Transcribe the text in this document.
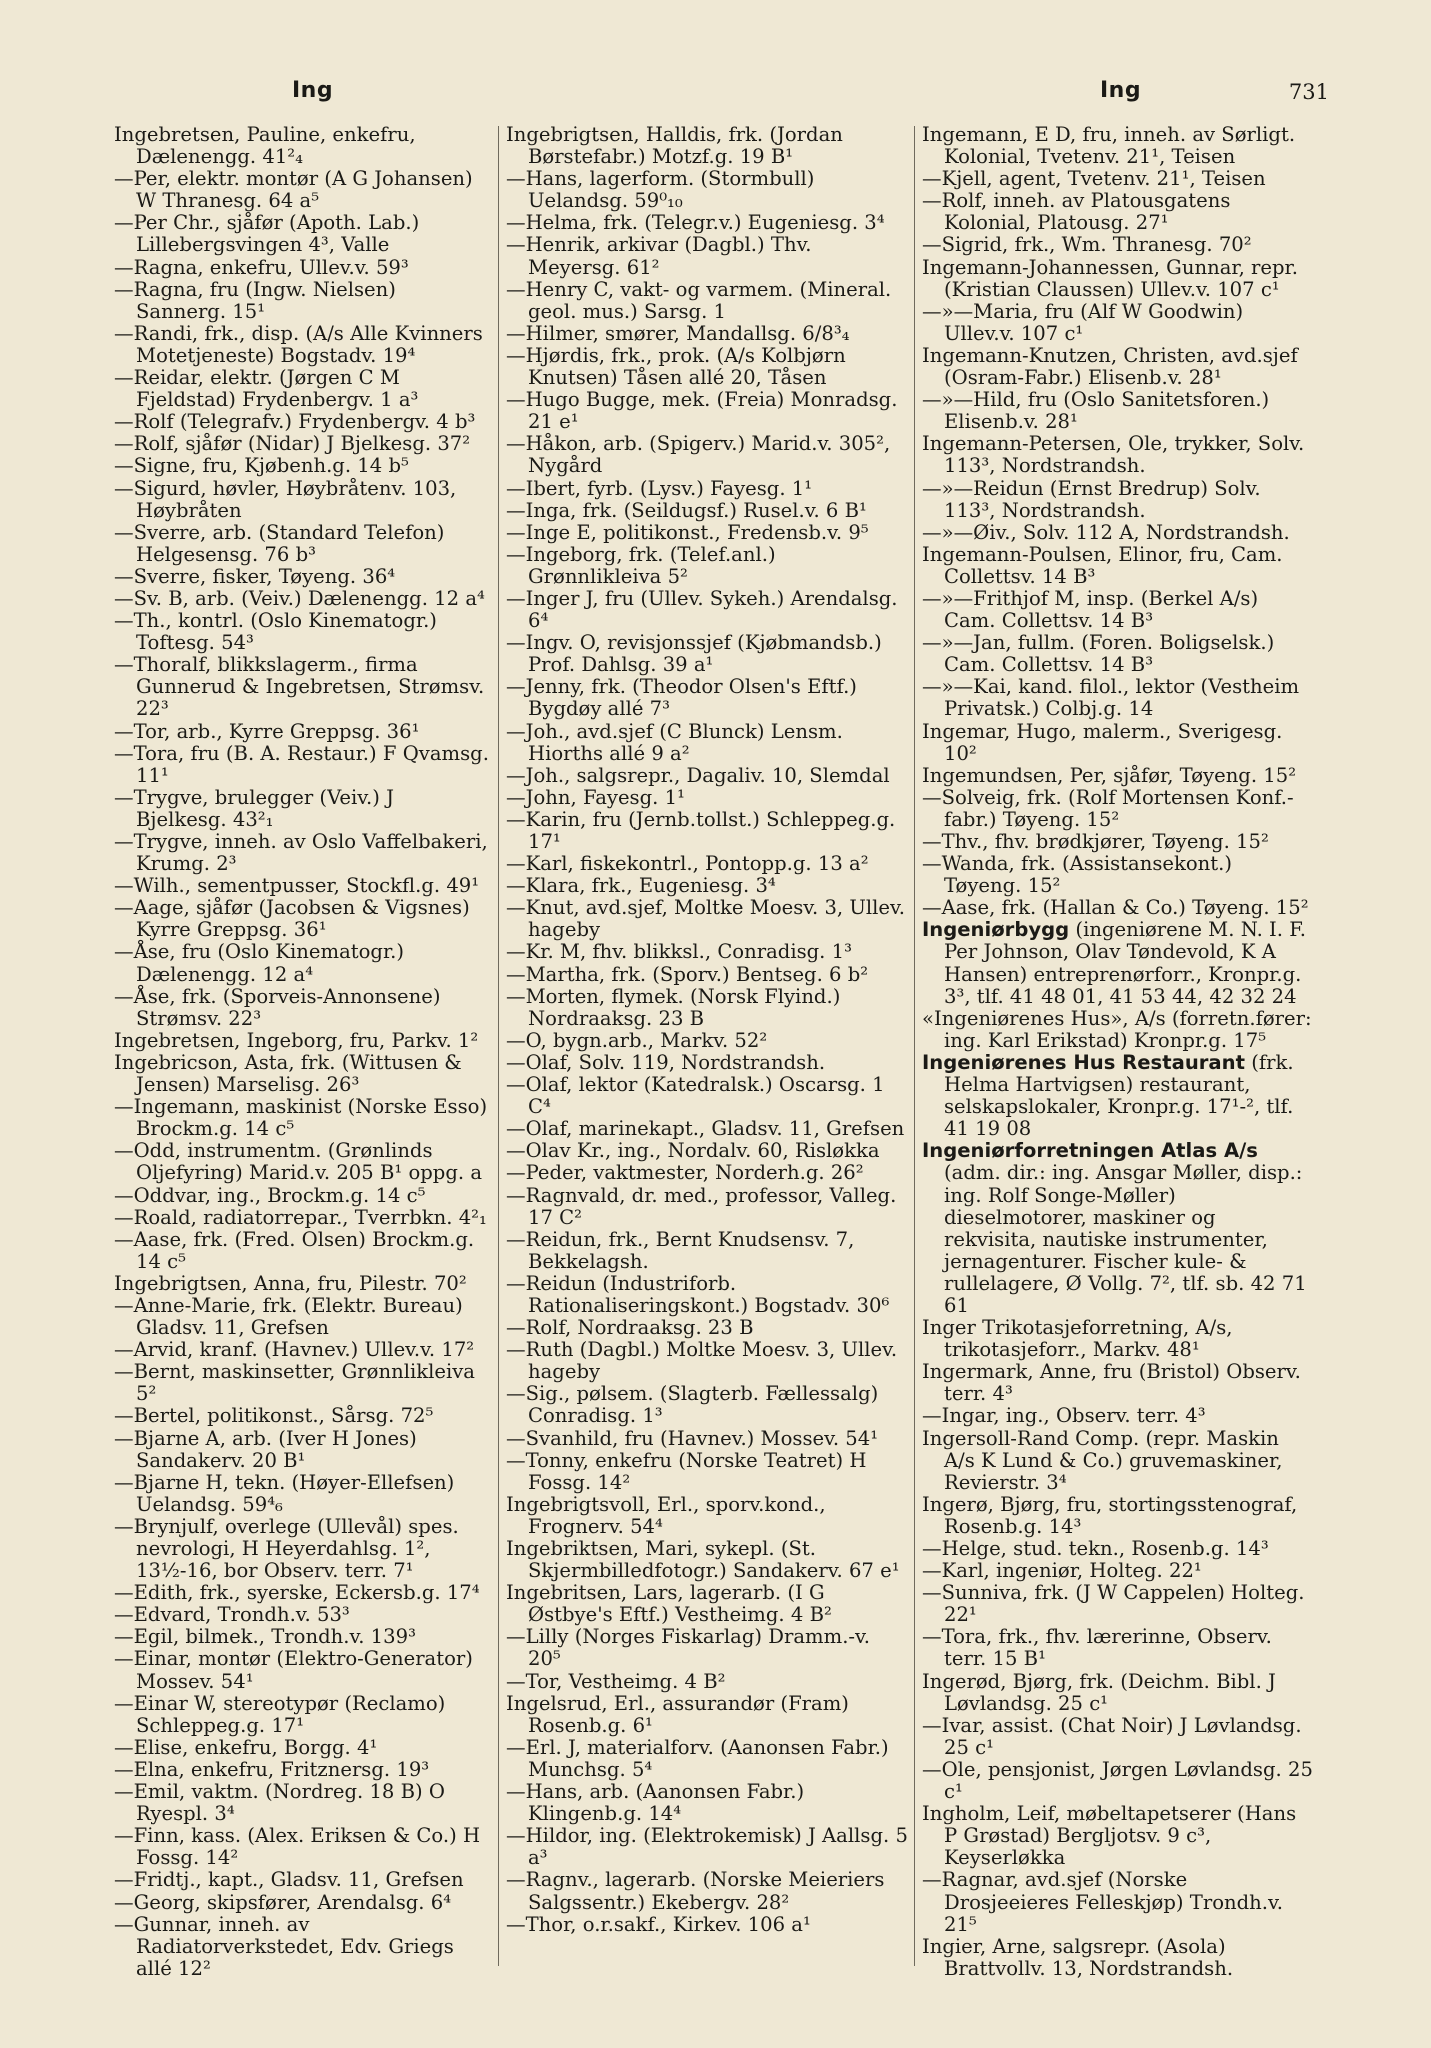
Ing	Ing	731
Ingebretsen, Pauline, enkefru, Dælenengg. 41²₄
—Per, elektr. montør (A G Johansen) W Thranesg. 64 a⁵
—Per Chr., sjåfør (Apoth. Lab.) Lillebergsvingen 4³, Valle
—Ragna, enkefru, Ullev.v. 59³
—Ragna, fru (Ingw. Nielsen) Sannerg. 15¹
—Randi, frk., disp. (A/s Alle Kvinners Motetjeneste) Bogstadv. 19⁴
—Reidar, elektr. (Jørgen C M Fjeldstad) Frydenbergv. 1 a³
—Rolf (Telegrafv.) Frydenbergv. 4 b³
—Rolf, sjåfør (Nidar) J Bjelkesg. 37²
—Signe, fru, Kjøbenh.g. 14 b⁵
—Sigurd, høvler, Høybråtenv. 103, Høybråten
—Sverre, arb. (Standard Telefon) Helgesensg. 76 b³
—Sverre, fisker, Tøyeng. 36⁴
—Sv. B, arb. (Veiv.) Dælenengg. 12 a⁴
—Th., kontrl. (Oslo Kinematogr.) Toftesg. 54³
—Thoralf, blikkslagerm., firma Gunnerud & Ingebretsen, Strømsv. 22³
—Tor, arb., Kyrre Greppsg. 36¹
—Tora, fru (B. A. Restaur.) F Qvamsg. 11¹
—Trygve, brulegger (Veiv.) J Bjelkesg. 43²₁
—Trygve, inneh. av Oslo Vaffelbakeri, Krumg. 2³
—Wilh., sementpusser, Stockfl.g. 49¹
—Aage, sjåfør (Jacobsen & Vigsnes) Kyrre Greppsg. 36¹
—Åse, fru (Oslo Kinematogr.) Dælenengg. 12 a⁴
—Åse, frk. (Sporveis-Annonsene) Strømsv. 22³
Ingebretsen, Ingeborg, fru, Parkv. 1²
Ingebricson, Asta, frk. (Wittusen & Jensen) Marselisg. 26³
—Ingemann, maskinist (Norske Esso) Brockm.g. 14 c⁵
—Odd, instrumentm. (Grønlinds Oljefyring) Marid.v. 205 B¹ oppg. a
—Oddvar, ing., Brockm.g. 14 c⁵
—Roald, radiatorrepar., Tverrbkn. 4²₁
—Aase, frk. (Fred. Olsen) Brockm.g. 14 c⁵
Ingebrigtsen, Anna, fru, Pilestr. 70²
—Anne-Marie, frk. (Elektr. Bureau) Gladsv. 11, Grefsen
—Arvid, kranf. (Havnev.) Ullev.v. 17²
—Bernt, maskinsetter, Grønnlikleiva 5²
—Bertel, politikonst., Sårsg. 72⁵
—Bjarne A, arb. (Iver H Jones) Sandakerv. 20 B¹
—Bjarne H, tekn. (Høyer-Ellefsen) Uelandsg. 59⁴₆
—Brynjulf, overlege (Ullevål) spes. nevrologi, H Heyerdahlsg. 1², 13½-16, bor Observ. terr. 7¹
—Edith, frk., syerske, Eckersb.g. 17⁴
—Edvard, Trondh.v. 53³
—Egil, bilmek., Trondh.v. 139³
—Einar, montør (Elektro-Generator) Mossev. 54¹
—Einar W, stereotypør (Reclamo) Schleppeg.g. 17¹
—Elise, enkefru, Borgg. 4¹
—Elna, enkefru, Fritznersg. 19³
—Emil, vaktm. (Nordreg. 18 B) O Ryespl. 3⁴
—Finn, kass. (Alex. Eriksen & Co.) H Fossg. 14²
—Fridtj., kapt., Gladsv. 11, Grefsen
—Georg, skipsfører, Arendalsg. 6⁴
—Gunnar, inneh. av Radiatorverkstedet, Edv. Griegs allé 12²
Ingebrigtsen, Halldis, frk. (Jordan Børstefabr.) Motzf.g. 19 B¹
—Hans, lagerform. (Stormbull) Uelandsg. 59⁰₁₀
—Helma, frk. (Telegr.v.) Eugeniesg. 3⁴
—Henrik, arkivar (Dagbl.) Thv. Meyersg. 61²
—Henry C, vakt- og varmem. (Mineral. geol. mus.) Sarsg. 1
—Hilmer, smører, Mandallsg. 6/8³₄
—Hjørdis, frk., prok. (A/s Kolbjørn Knutsen) Tåsen allé 20, Tåsen
—Hugo Bugge, mek. (Freia) Monradsg. 21 e¹
—Håkon, arb. (Spigerv.) Marid.v. 305², Nygård
—Ibert, fyrb. (Lysv.) Fayesg. 1¹
—Inga, frk. (Seildugsf.) Rusel.v. 6 B¹
—Inge E, politikonst., Fredensb.v. 9⁵
—Ingeborg, frk. (Telef.anl.) Grønnlikleiva 5²
—Inger J, fru (Ullev. Sykeh.) Arendalsg. 6⁴
—Ingv. O, revisjonssjef (Kjøbmandsb.) Prof. Dahlsg. 39 a¹
—Jenny, frk. (Theodor Olsen's Eftf.) Bygdøy allé 7³
—Joh., avd.sjef (C Blunck) Lensm. Hiorths allé 9 a²
—Joh., salgsrepr., Dagaliv. 10, Slemdal
—John, Fayesg. 1¹
—Karin, fru (Jernb.tollst.) Schleppeg.g. 17¹
—Karl, fiskekontrl., Pontopp.g. 13 a²
—Klara, frk., Eugeniesg. 3⁴
—Knut, avd.sjef, Moltke Moesv. 3, Ullev. hageby
—Kr. M, fhv. blikksl., Conradisg. 1³
—Martha, frk. (Sporv.) Bentseg. 6 b²
—Morten, flymek. (Norsk Flyind.) Nordraaksg. 23 B
—O, bygn.arb., Markv. 52²
—Olaf, Solv. 119, Nordstrandsh.
—Olaf, lektor (Katedralsk.) Oscarsg. 1 C⁴
—Olaf, marinekapt., Gladsv. 11, Grefsen
—Olav Kr., ing., Nordalv. 60, Risløkka
—Peder, vaktmester, Norderh.g. 26²
—Ragnvald, dr. med., professor, Valleg. 17 C²
—Reidun, frk., Bernt Knudsensv. 7, Bekkelagsh.
—Reidun (Industriforb. Rationaliseringskont.) Bogstadv. 30⁶
—Rolf, Nordraaksg. 23 B
—Ruth (Dagbl.) Moltke Moesv. 3, Ullev. hageby
—Sig., pølsem. (Slagterb. Fællessalg) Conradisg. 1³
—Svanhild, fru (Havnev.) Mossev. 54¹
—Tonny, enkefru (Norske Teatret) H Fossg. 14²
Ingebrigtsvoll, Erl., sporv.kond., Frognerv. 54⁴
Ingebriktsen, Mari, sykepl. (St. Skjermbilledfotogr.) Sandakerv. 67 e¹
Ingebritsen, Lars, lagerarb. (I G Østbye's Eftf.) Vestheimg. 4 B²
—Lilly (Norges Fiskarlag) Dramm.-v. 20⁵
—Tor, Vestheimg. 4 B²
Ingelsrud, Erl., assurandør (Fram) Rosenb.g. 6¹
—Erl. J, materialforv. (Aanonsen Fabr.) Munchsg. 5⁴
—Hans, arb. (Aanonsen Fabr.) Klingenb.g. 14⁴
—Hildor, ing. (Elektrokemisk) J Aallsg. 5 a³
—Ragnv., lagerarb. (Norske Meieriers Salgssentr.) Ekebergv. 28²
—Thor, o.r.sakf., Kirkev. 106 a¹
Ingemann, E D, fru, inneh. av Sørligt. Kolonial, Tvetenv. 21¹, Teisen
—Kjell, agent, Tvetenv. 21¹, Teisen
—Rolf, inneh. av Platousgatens Kolonial, Platousg. 27¹
—Sigrid, frk., Wm. Thranesg. 70²
Ingemann-Johannessen, Gunnar, repr. (Kristian Claussen) Ullev.v. 107 c¹
—»—Maria, fru (Alf W Goodwin) Ullev.v. 107 c¹
Ingemann-Knutzen, Christen, avd.sjef (Osram-Fabr.) Elisenb.v. 28¹
—»—Hild, fru (Oslo Sanitetsforen.) Elisenb.v. 28¹
Ingemann-Petersen, Ole, trykker, Solv. 113³, Nordstrandsh.
—»—Reidun (Ernst Bredrup) Solv. 113³, Nordstrandsh.
—»—Øiv., Solv. 112 A, Nordstrandsh.
Ingemann-Poulsen, Elinor, fru, Cam. Collettsv. 14 B³
—»—Frithjof M, insp. (Berkel A/s) Cam. Collettsv. 14 B³
—»—Jan, fullm. (Foren. Boligselsk.) Cam. Collettsv. 14 B³
—»—Kai, kand. filol., lektor (Vestheim Privatsk.) Colbj.g. 14
Ingemar, Hugo, malerm., Sverigesg. 10²
Ingemundsen, Per, sjåfør, Tøyeng. 15²
—Solveig, frk. (Rolf Mortensen Konf.-fabr.) Tøyeng. 15²
—Thv., fhv. brødkjører, Tøyeng. 15²
—Wanda, frk. (Assistansekont.) Tøyeng. 15²
—Aase, frk. (Hallan & Co.) Tøyeng. 15²
Ingeniørbygg (ingeniørene M. N. I. F. Per Johnson, Olav Tøndevold, K A Hansen) entreprenørforr., Kronpr.g. 3³, tlf. 41 48 01, 41 53 44, 42 32 24
«Ingeniørenes Hus», A/s (forretn.fører: ing. Karl Erikstad) Kronpr.g. 17⁵
Ingeniørenes Hus Restaurant (frk. Helma Hartvigsen) restaurant, selskapslokaler, Kronpr.g. 17¹-², tlf. 41 19 08
Ingeniørforretningen Atlas A/s (adm. dir.: ing. Ansgar Møller, disp.: ing. Rolf Songe-Møller) dieselmotorer, maskiner og rekvisita, nautiske instrumenter, jernagenturer. Fischer kule- & rullelagere, Ø Vollg. 7², tlf. sb. 42 71 61
Inger Trikotasjeforretning, A/s, trikotasjeforr., Markv. 48¹
Ingermark, Anne, fru (Bristol) Observ. terr. 4³
—Ingar, ing., Observ. terr. 4³
Ingersoll-Rand Comp. (repr. Maskin A/s K Lund & Co.) gruvemaskiner, Revierstr. 3⁴
Ingerø, Bjørg, fru, stortingsstenograf, Rosenb.g. 14³
—Helge, stud. tekn., Rosenb.g. 14³
—Karl, ingeniør, Holteg. 22¹
—Sunniva, frk. (J W Cappelen) Holteg. 22¹
—Tora, frk., fhv. lærerinne, Observ. terr. 15 B¹
Ingerød, Bjørg, frk. (Deichm. Bibl. J Løvlandsg. 25 c¹
—Ivar, assist. (Chat Noir) J Løvlandsg. 25 c¹
—Ole, pensjonist, Jørgen Løvlandsg. 25 c¹
Ingholm, Leif, møbeltapetserer (Hans P Grøstad) Bergljotsv. 9 c³, Keyserløkka
—Ragnar, avd.sjef (Norske Drosjeeieres Felleskjøp) Trondh.v. 21⁵
Ingier, Arne, salgsrepr. (Asola) Brattvollv. 13, Nordstrandsh.
